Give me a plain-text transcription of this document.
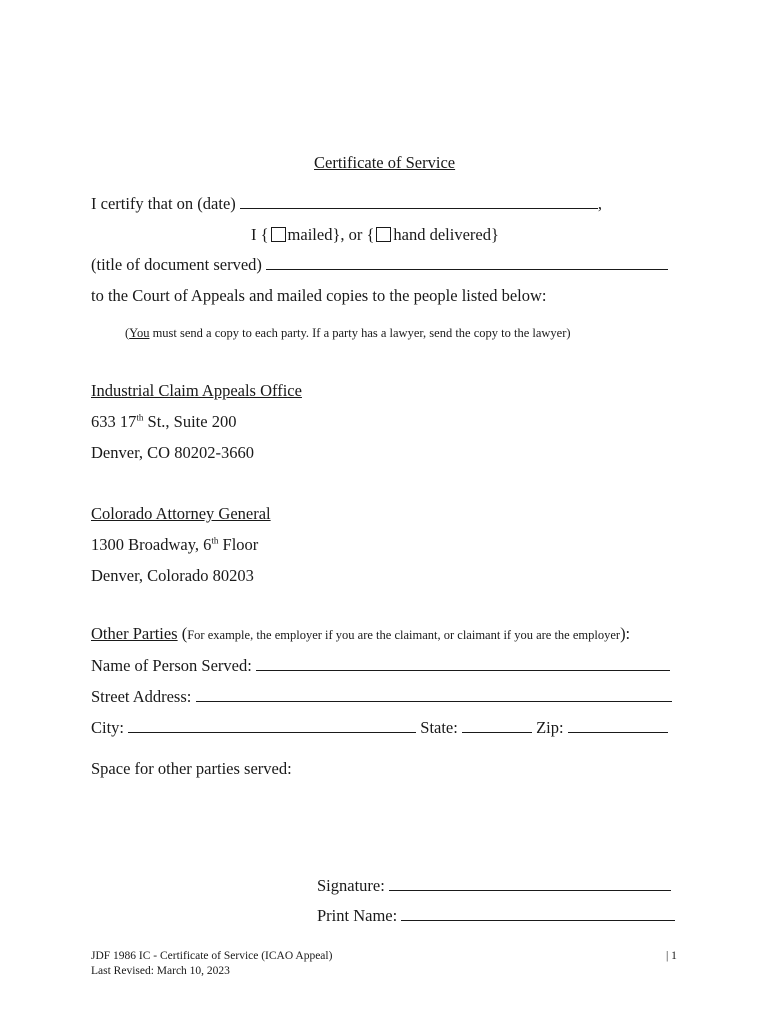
Certificate of Service
I certify that on (date)	,
I { mailed}, or { hand delivered}
(title of document served)
to the Court of Appeals and mailed copies to the people listed below:
(You must send a copy to each party. If a party has a lawyer, send the copy to the lawyer)
Industrial Claim Appeals Office
633 17th St., Suite 200
Denver, CO 80202-3660
Colorado Attorney General
1300 Broadway, 6th Floor
Denver, Colorado 80203
Other Parties (For example, the employer if you are the claimant, or claimant if you are the employer):
Name of Person Served:
Street Address:
City:	State:	Zip:
Space for other parties served:
Signature:
Print Name:
JDF 1986 IC - Certificate of Service (ICAO Appeal)
Last Revised: March 10, 2023
| 1
